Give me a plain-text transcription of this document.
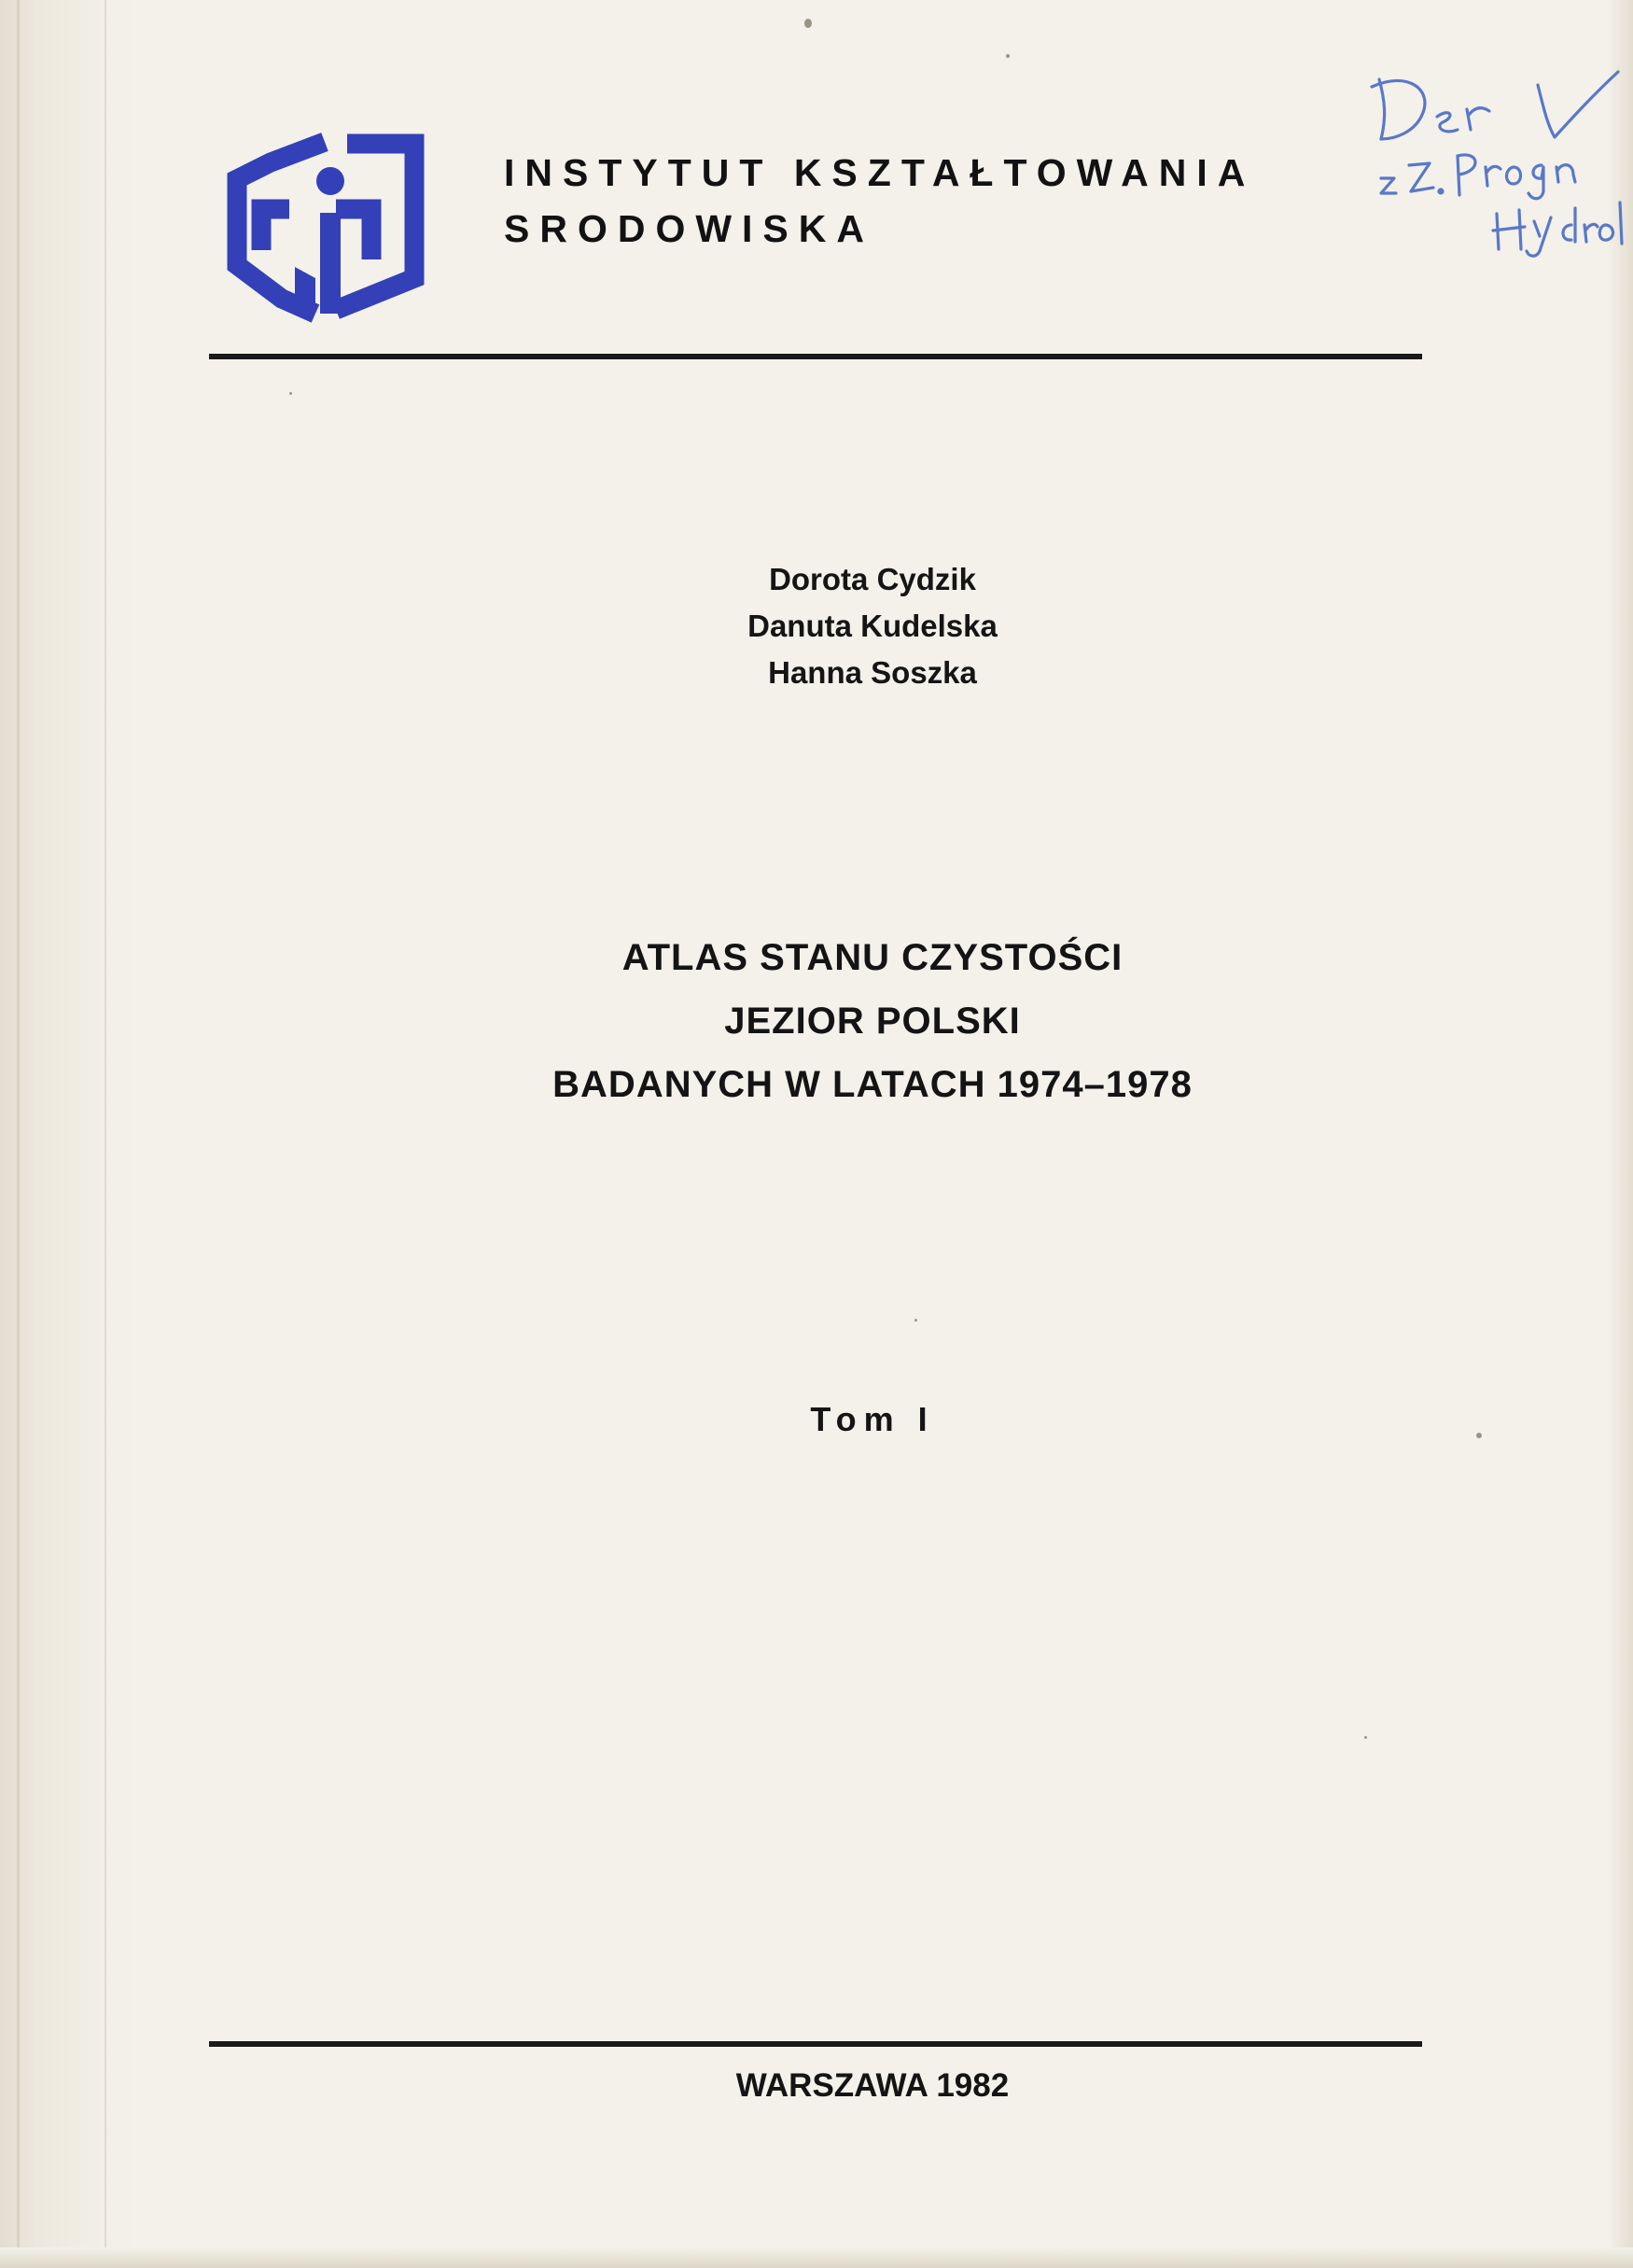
INSTYTUT KSZTAŁTOWANIA
SRODOWISKA
Dorota Cydzik
Danuta Kudelska
Hanna Soszka
ATLAS STANU CZYSTOŚCI
JEZIOR POLSKI
BADANYCH W LATACH 1974–1978
Tom I
WARSZAWA 1982
